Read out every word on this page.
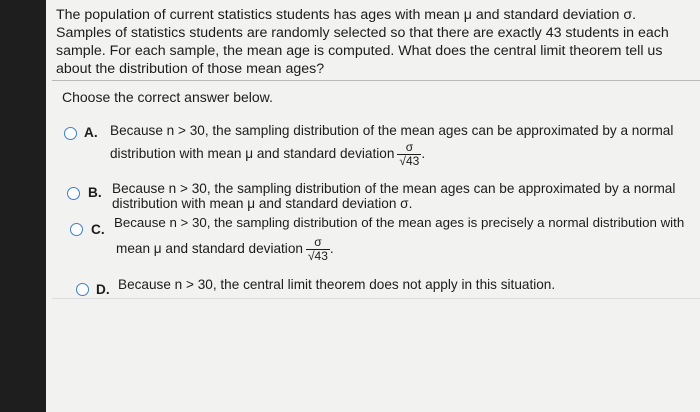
The population of current statistics students has ages with mean μ and standard deviation σ. Samples of statistics students are randomly selected so that there are exactly 43 students in each sample. For each sample, the mean age is computed. What does the central limit theorem tell us about the distribution of those mean ages?
Choose the correct answer below.
A. Because n > 30, the sampling distribution of the mean ages can be approximated by a normal
distribution with mean μ and standard deviation $\frac{\sigma}{√43}$ .
B. Because n > 30, the sampling distribution of the mean ages can be approximated by a normal
distribution with mean μ and standard deviation σ.
C. Because n > 30, the sampling distribution of the mean ages is precisely a normal distribution with
mean μ and standard deviation $\frac{\sigma}{√43}$ .
D. Because n > 30, the central limit theorem does not apply in this situation.
